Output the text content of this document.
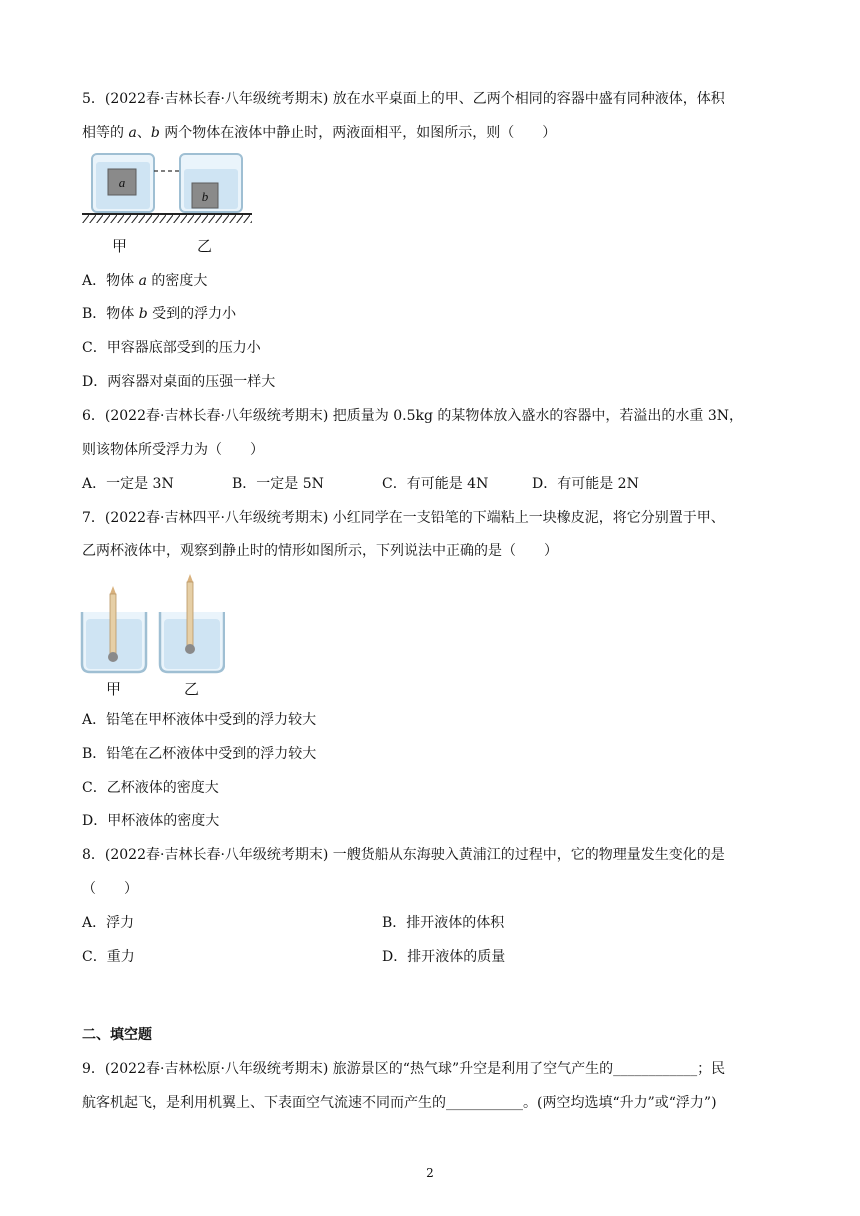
5．(2022春·吉林长春·八年级统考期末) 放在水平桌面上的甲、乙两个相同的容器中盛有同种液体，体积
相等的 a、b 两个物体在液体中静止时，两液面相平，如图所示，则（　　）
a
b
甲	乙
A．物体 a 的密度大
B．物体 b 受到的浮力小
C．甲容器底部受到的压力小
D．两容器对桌面的压强一样大
6．(2022春·吉林长春·八年级统考期末) 把质量为 0.5kg 的某物体放入盛水的容器中，若溢出的水重 3N，
则该物体所受浮力为（　　）
A．一定是 3N	B．一定是 5N	C．有可能是 4N	D．有可能是 2N
7．(2022春·吉林四平·八年级统考期末) 小红同学在一支铅笔的下端粘上一块橡皮泥，将它分别置于甲、
乙两杯液体中，观察到静止时的情形如图所示，下列说法中正确的是（　　）
甲	乙
A．铅笔在甲杯液体中受到的浮力较大
B．铅笔在乙杯液体中受到的浮力较大
C．乙杯液体的密度大
D．甲杯液体的密度大
8．(2022春·吉林长春·八年级统考期末) 一艘货船从东海驶入黄浦江的过程中，它的物理量发生变化的是
（　　）
A．浮力	B．排开液体的体积
C．重力	D．排开液体的质量
二、填空题
9．(2022春·吉林松原·八年级统考期末) 旅游景区的“热气球”升空是利用了空气产生的____________；民
航客机起飞，是利用机翼上、下表面空气流速不同而产生的___________。(两空均选填“升力”或“浮力”)
2
